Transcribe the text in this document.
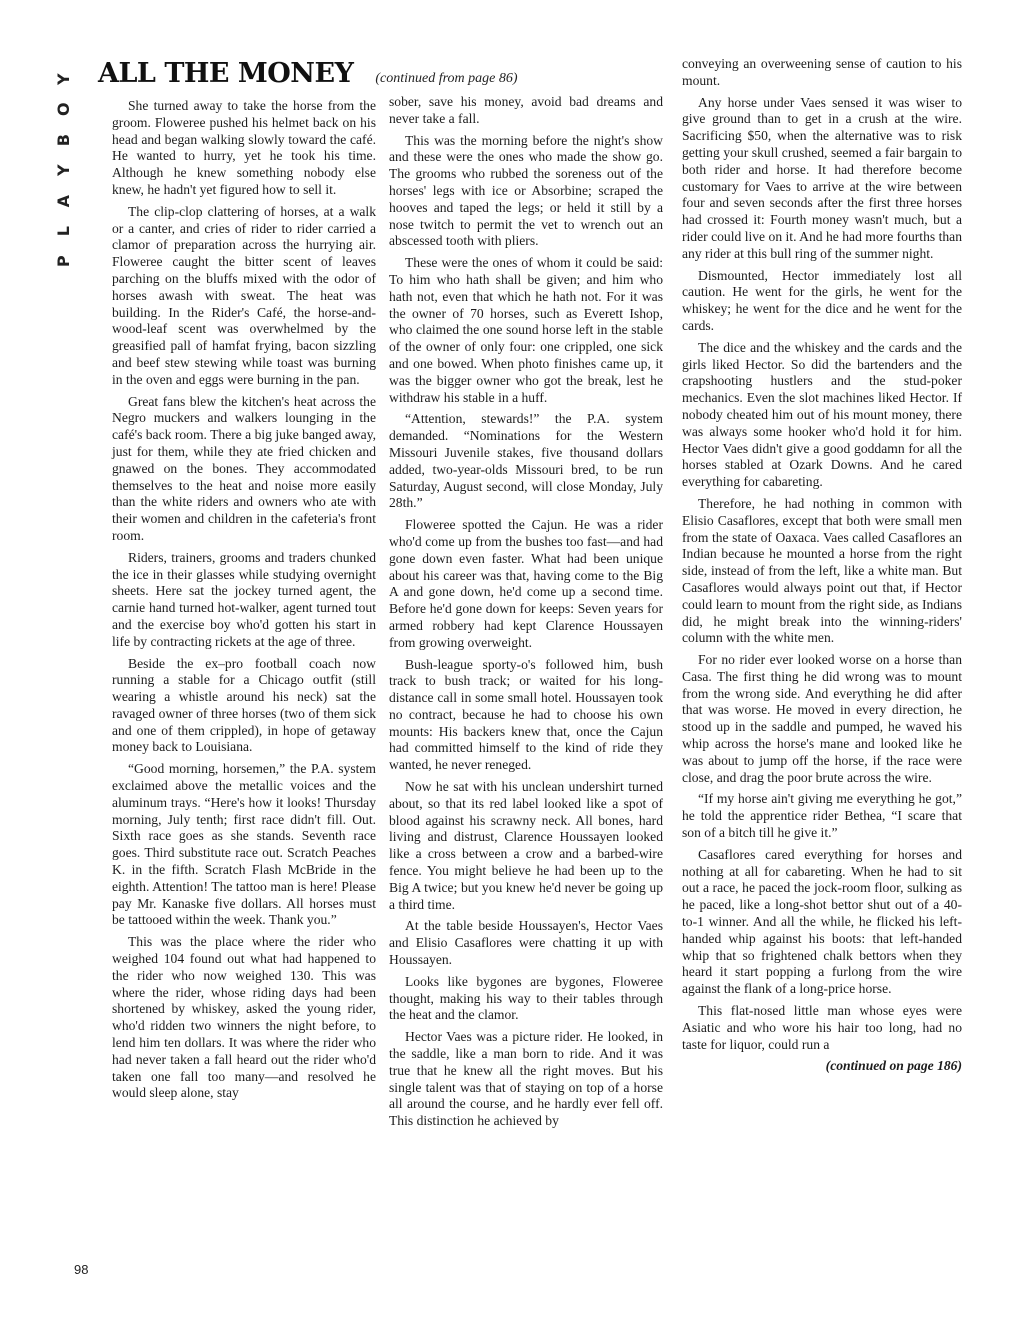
Y
O
B
Y
A
L
P
ALL THE MONEY (continued from page 86)

She turned away to take the horse from the groom. Floweree pushed his helmet back on his head and began walking slowly toward the café. He wanted to hurry, yet he took his time. Although he knew something nobody else knew, he hadn't yet figured how to sell it.

The clip-clop clattering of horses, at a walk or a canter, and cries of rider to rider carried a clamor of preparation across the hurrying air. Floweree caught the bitter scent of leaves parching on the bluffs mixed with the odor of horses awash with sweat. The heat was building. In the Rider's Café, the horse-and-wood-leaf scent was overwhelmed by the greasified pall of hamfat frying, bacon sizzling and beef stew stewing while toast was burning in the oven and eggs were burning in the pan.

Great fans blew the kitchen's heat across the Negro muckers and walkers lounging in the café's back room. There a big juke banged away, just for them, while they ate fried chicken and gnawed on the bones. They accommodated themselves to the heat and noise more easily than the white riders and owners who ate with their women and children in the cafeteria's front room.

Riders, trainers, grooms and traders chunked the ice in their glasses while studying overnight sheets. Here sat the jockey turned agent, the carnie hand turned hot-walker, agent turned tout and the exercise boy who'd gotten his start in life by contracting rickets at the age of three.

Beside the ex–pro football coach now running a stable for a Chicago outfit (still wearing a whistle around his neck) sat the ravaged owner of three horses (two of them sick and one of them crippled), in hope of getaway money back to Louisiana.

“Good morning, horsemen,” the P.A. system exclaimed above the metallic voices and the aluminum trays. “Here's how it looks! Thursday morning, July tenth; first race didn't fill. Out. Sixth race goes as she stands. Seventh race goes. Third substitute race out. Scratch Peaches K. in the fifth. Scratch Flash McBride in the eighth. Attention! The tattoo man is here! Please pay Mr. Kanaske five dollars. All horses must be tattooed within the week. Thank you.”

This was the place where the rider who weighed 104 found out what had happened to the rider who now weighed 130. This was where the rider, whose riding days had been shortened by whiskey, asked the young rider, who'd ridden two winners the night before, to lend him ten dollars. It was where the rider who had never taken a fall heard out the rider who'd taken one fall too many—and resolved he would sleep alone, stay

sober, save his money, avoid bad dreams and never take a fall.

This was the morning before the night's show and these were the ones who made the show go. The grooms who rubbed the soreness out of the horses' legs with ice or Absorbine; scraped the hooves and taped the legs; or held it still by a nose twitch to permit the vet to wrench out an abscessed tooth with pliers.

These were the ones of whom it could be said: To him who hath shall be given; and him who hath not, even that which he hath not. For it was the owner of 70 horses, such as Everett Ishop, who claimed the one sound horse left in the stable of the owner of only four: one crippled, one sick and one bowed. When photo finishes came up, it was the bigger owner who got the break, lest he withdraw his stable in a huff.

“Attention, stewards!” the P.A. system demanded. “Nominations for the Western Missouri Juvenile stakes, five thousand dollars added, two-year-olds Missouri bred, to be run Saturday, August second, will close Monday, July 28th.”

Floweree spotted the Cajun. He was a rider who'd come up from the bushes too fast—and had gone down even faster. What had been unique about his career was that, having come to the Big A and gone down, he'd come up a second time. Before he'd gone down for keeps: Seven years for armed robbery had kept Clarence Houssayen from growing overweight.

Bush-league sporty-o's followed him, bush track to bush track; or waited for his long-distance call in some small hotel. Houssayen took no contract, because he had to choose his own mounts: His backers knew that, once the Cajun had committed himself to the kind of ride they wanted, he never reneged.

Now he sat with his unclean undershirt turned about, so that its red label looked like a spot of blood against his scrawny neck. All bones, hard living and distrust, Clarence Houssayen looked like a cross between a crow and a barbed-wire fence. You might believe he had been up to the Big A twice; but you knew he'd never be going up a third time.

At the table beside Houssayen's, Hector Vaes and Elisio Casaflores were chatting it up with Houssayen.

Looks like bygones are bygones, Floweree thought, making his way to their tables through the heat and the clamor.

Hector Vaes was a picture rider. He looked, in the saddle, like a man born to ride. And it was true that he knew all the right moves. But his single talent was that of staying on top of a horse all around the course, and he hardly ever fell off. This distinction he achieved by

conveying an overweening sense of caution to his mount.

Any horse under Vaes sensed it was wiser to give ground than to get in a crush at the wire. Sacrificing $50, when the alternative was to risk getting your skull crushed, seemed a fair bargain to both rider and horse. It had therefore become customary for Vaes to arrive at the wire between four and seven seconds after the first three horses had crossed it: Fourth money wasn't much, but a rider could live on it. And he had more fourths than any rider at this bull ring of the summer night.

Dismounted, Hector immediately lost all caution. He went for the girls, he went for the whiskey; he went for the dice and he went for the cards.

The dice and the whiskey and the cards and the girls liked Hector. So did the bartenders and the crapshooting hustlers and the stud-poker mechanics. Even the slot machines liked Hector. If nobody cheated him out of his mount money, there was always some hooker who'd hold it for him. Hector Vaes didn't give a good goddamn for all the horses stabled at Ozark Downs. And he cared everything for cabareting.

Therefore, he had nothing in common with Elisio Casaflores, except that both were small men from the state of Oaxaca. Vaes called Casaflores an Indian because he mounted a horse from the right side, instead of from the left, like a white man. But Casaflores would always point out that, if Hector could learn to mount from the right side, as Indians did, he might break into the winning-riders' column with the white men.

For no rider ever looked worse on a horse than Casa. The first thing he did wrong was to mount from the wrong side. And everything he did after that was worse. He moved in every direction, he stood up in the saddle and pumped, he waved his whip across the horse's mane and looked like he was about to jump off the horse, if the race were close, and drag the poor brute across the wire.

“If my horse ain't giving me everything he got,” he told the apprentice rider Bethea, “I scare that son of a bitch till he give it.”

Casaflores cared everything for horses and nothing at all for cabareting. When he had to sit out a race, he paced the jock-room floor, sulking as he paced, like a long-shot bettor shut out of a 40-to-1 winner. And all the while, he flicked his left-handed whip against his boots: that left-handed whip that so frightened chalk bettors when they heard it start popping a furlong from the wire against the flank of a long-price horse.

This flat-nosed little man whose eyes were Asiatic and who wore his hair too long, had no taste for liquor, could run a

(continued on page 186)
98
